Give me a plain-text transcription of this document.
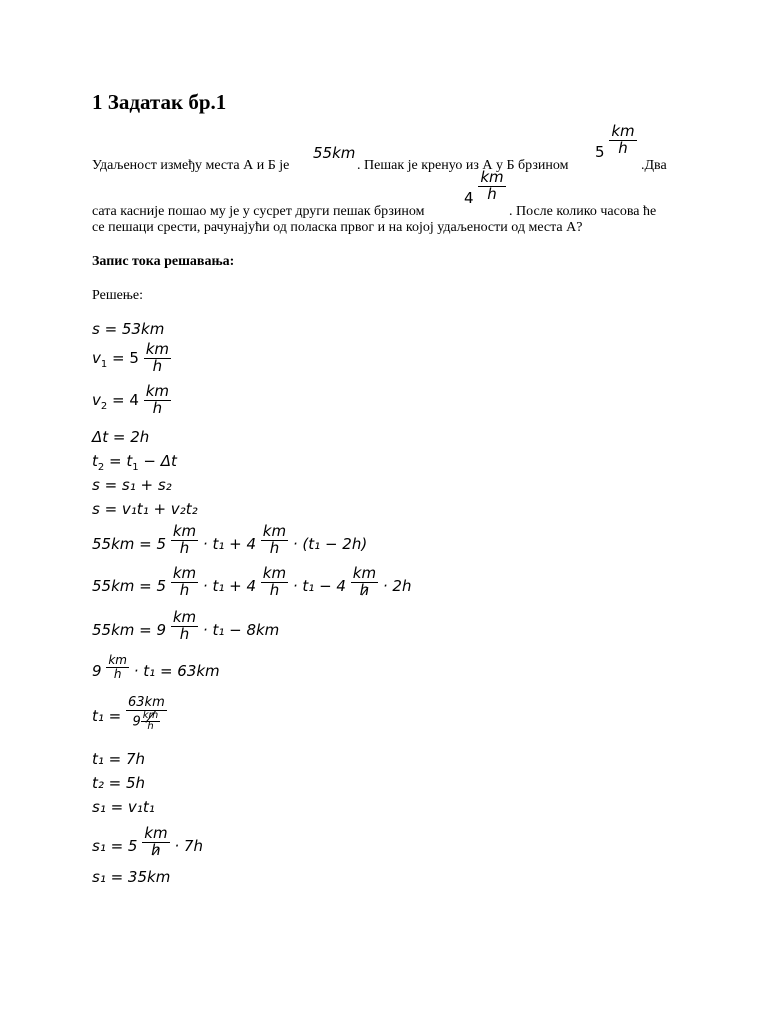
1 Задатак бр.1
Удаљеност између места А и Б је
55km
. Пешак је кренуо из А у Б брзином
$5 \frac{km}{h}$
.Два
$4 \frac{km}{h}$
сата касније пошао му је у сусрет други пешак брзином	. После колико часова ће
се пешаци срести, рачунајући од поласка првог и на којој удаљености од места А?
Запис тока решавања:
Решење:
s = 53km
$v_1 = 5 \frac{km}{h}$
$v_2 = 4 \frac{km}{h}$
Δt = 2h
$t_2 = t_1 - \Delta t$
s = s₁ + s₂
s = v₁t₁ + v₂t₂
$55km = 5 \frac{km}{h} \cdot t_1 + 4 \frac{km}{h} \cdot (t_1 - 2h)$
$55km = 5 \frac{km}{h} \cdot t_1 + 4 \frac{km}{h} \cdot t_1 - 4 \frac{km}{h} \cdot 2h$
$55km = 9 \frac{km}{h} \cdot t_1 - 8km$
$9 \frac{km}{h} \cdot t_1 = 63km$
$t_1 = \frac{63km}{9 \frac{km}{h}}$
t₁ = 7h
t₂ = 5h
s₁ = v₁t₁
$s_1 = 5 \frac{km}{h} \cdot 7h$
s₁ = 35km
